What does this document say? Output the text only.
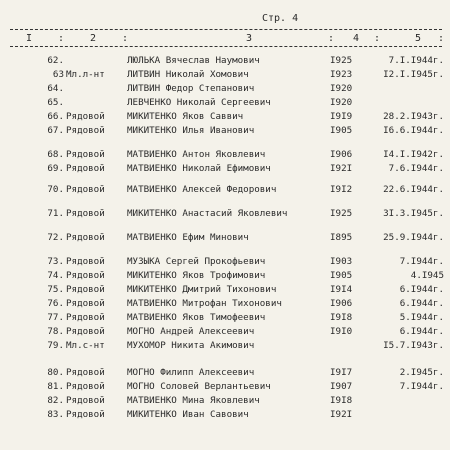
Стр. 4
I	:	2	:	3	: 4 :	5 :
62.	ЛЮЛЬКА Вячеслав Наумович	I925	7.I.I944г.
63 Мл.л-нт ЛИТВИН Николай Хомович	I923	I2.I.I945г.
64.	ЛИТВИН Федор Степанович	I920
65.	ЛЕВЧЕНКО Николай Сергеевич	I920
66. Рядовой МИКИТЕНКО Яков Саввич	I9I9	28.2.I943г.
67. Рядовой МИКИТЕНКО Илья Иванович	I905	I6.6.I944г.
68. Рядовой МАТВИЕНКО Антон Яковлевич	I906	I4.I.I942г.
69. Рядовой МАТВИЕНКО Николай Ефимович	I92I	7.6.I944г.
70. Рядовой МАТВИЕНКО Алексей Федорович	I9I2	22.6.I944г.
71. Рядовой МИКИТЕНКО Анастасий Яковлевич	I925	3I.3.I945г.
72. Рядовой МАТВИЕНКО Ефим Минович	I895	25.9.I944г.
73. Рядовой МУЗЫКА Сергей Прокофьевич	I903	7.I944г.
74. Рядовой МИКИТЕНКО Яков Трофимович	I905	4.I945
75. Рядовой МИКИТЕНКО Дмитрий Тихонович	I9I4	6.I944г.
76. Рядовой МАТВИЕНКО Митрофан Тихонович	I906	6.I944г.
77. Рядовой МАТВИЕНКО Яков Тимофеевич	I9I8	5.I944г.
78. Рядовой МОГНО Андрей Алексеевич	I9I0	6.I944г.
79. Мл.с-нт МУХОМОР Никита Акимович	I5.7.I943г.
80. Рядовой МОГНО Филипп Алексеевич	I9I7	2.I945г.
81. Рядовой МОГНО Соловей Верлантьевич	I907	7.I944г.
82. Рядовой МАТВИЕНКО Мина Яковлевич	I9I8
83. Рядовой МИКИТЕНКО Иван Савович	I92I
